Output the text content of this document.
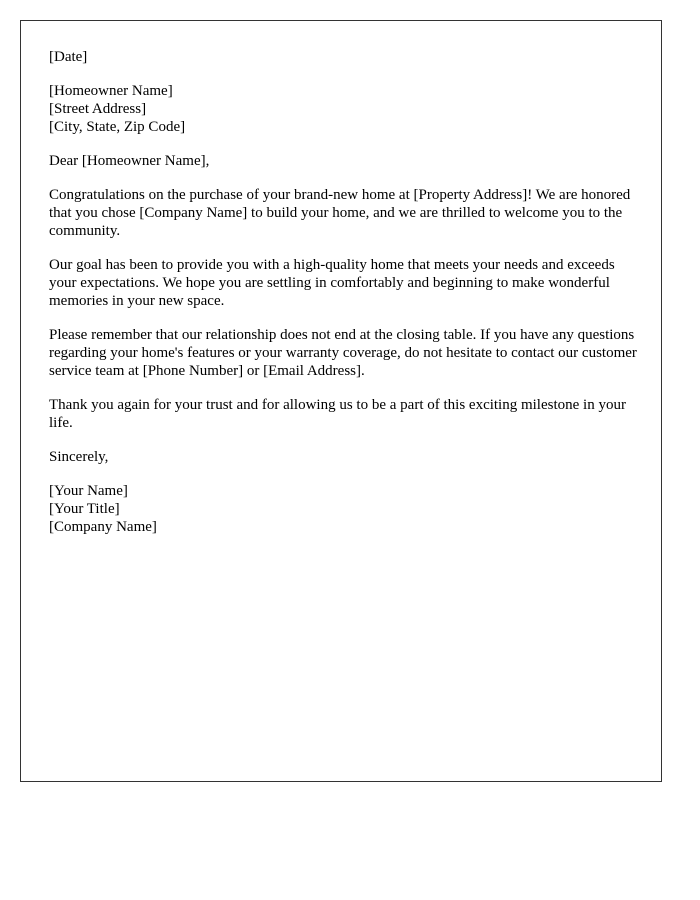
[Date]
[Homeowner Name]
[Street Address]
[City, State, Zip Code]

Dear [Homeowner Name],

Congratulations on the purchase of your brand-new home at [Property Address]! We are honored that you chose [Company Name] to build your home, and we are thrilled to welcome you to the community.

Our goal has been to provide you with a high-quality home that meets your needs and exceeds your expectations. We hope you are settling in comfortably and beginning to make wonderful memories in your new space.

Please remember that our relationship does not end at the closing table. If you have any questions regarding your home's features or your warranty coverage, do not hesitate to contact our customer service team at [Phone Number] or [Email Address].

Thank you again for your trust and for allowing us to be a part of this exciting milestone in your life.

Sincerely,

[Your Name]
[Your Title]
[Company Name]
